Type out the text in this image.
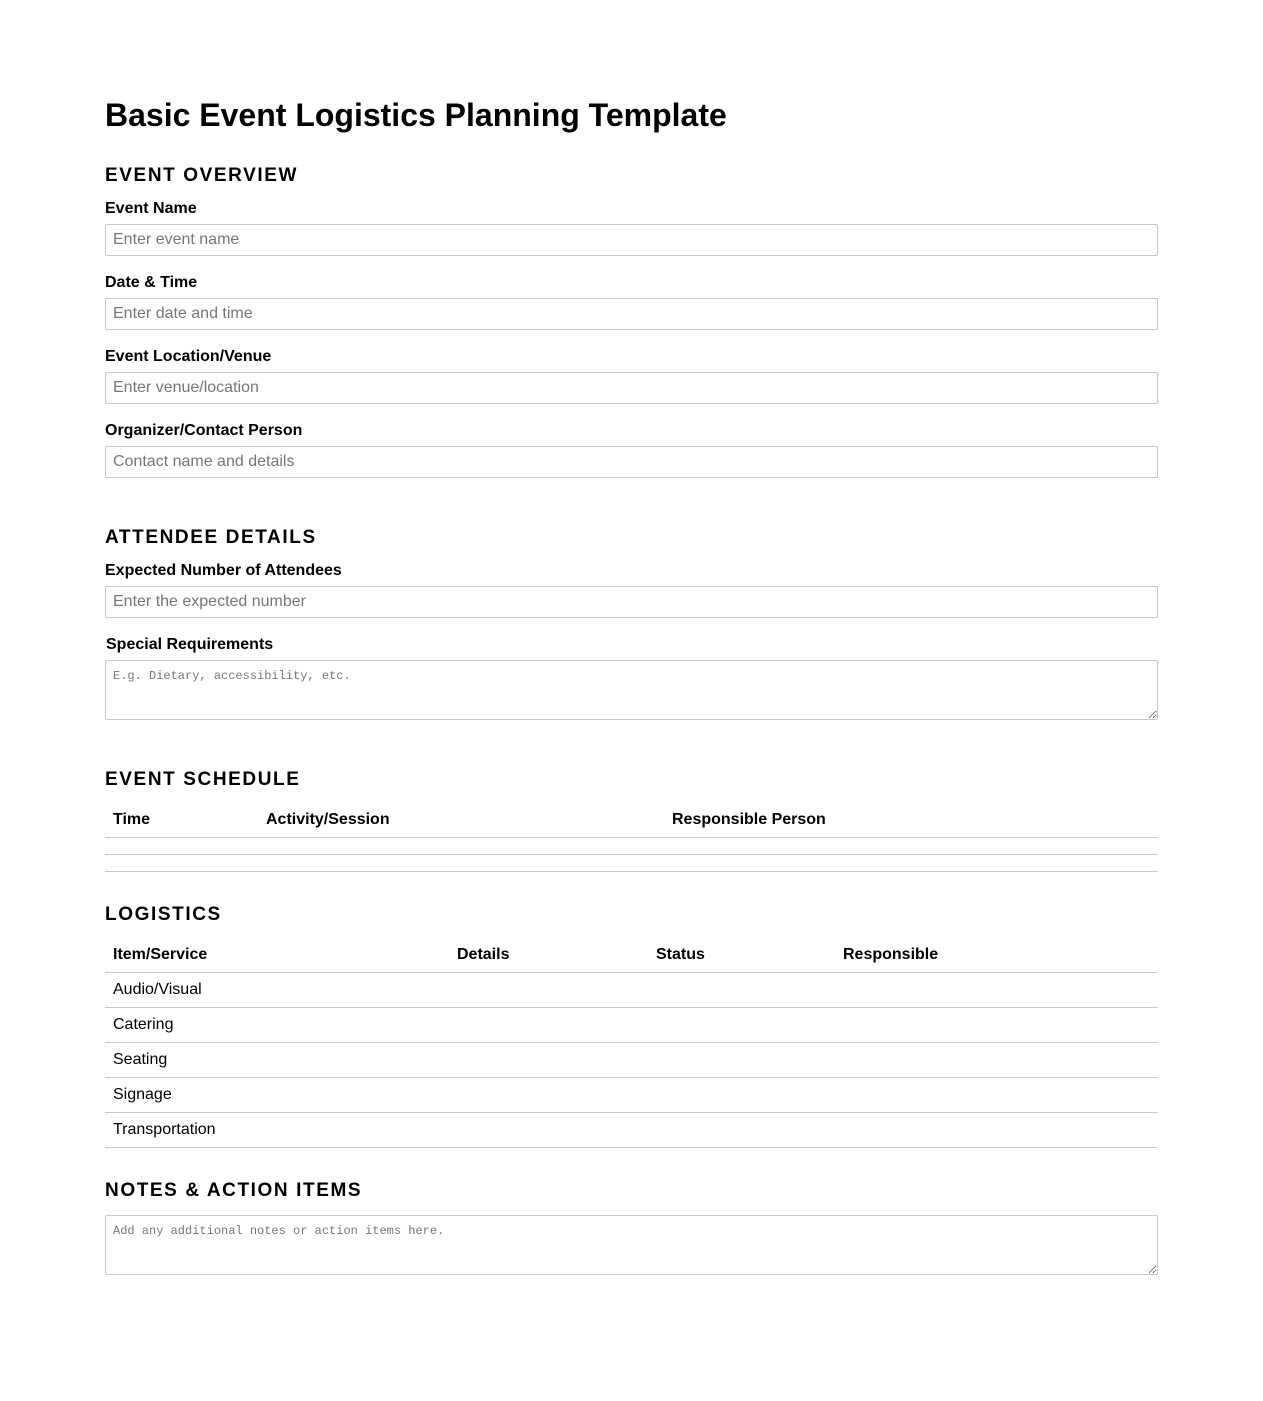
Basic Event Logistics Planning Template
EVENT OVERVIEW
Event Name
Enter event name
Date & Time
Enter date and time
Event Location/Venue
Enter venue/location
Organizer/Contact Person
Contact name and details
ATTENDEE DETAILS
Expected Number of Attendees
Enter the expected number
Special Requirements
E.g. Dietary, accessibility, etc.
EVENT SCHEDULE
Time	Activity/Session	Responsible Person

LOGISTICS
Item/Service	Details	Status	Responsible
Audio/Visual			
Catering			
Seating			
Signage			
Transportation			
NOTES & ACTION ITEMS
Add any additional notes or action items here.
